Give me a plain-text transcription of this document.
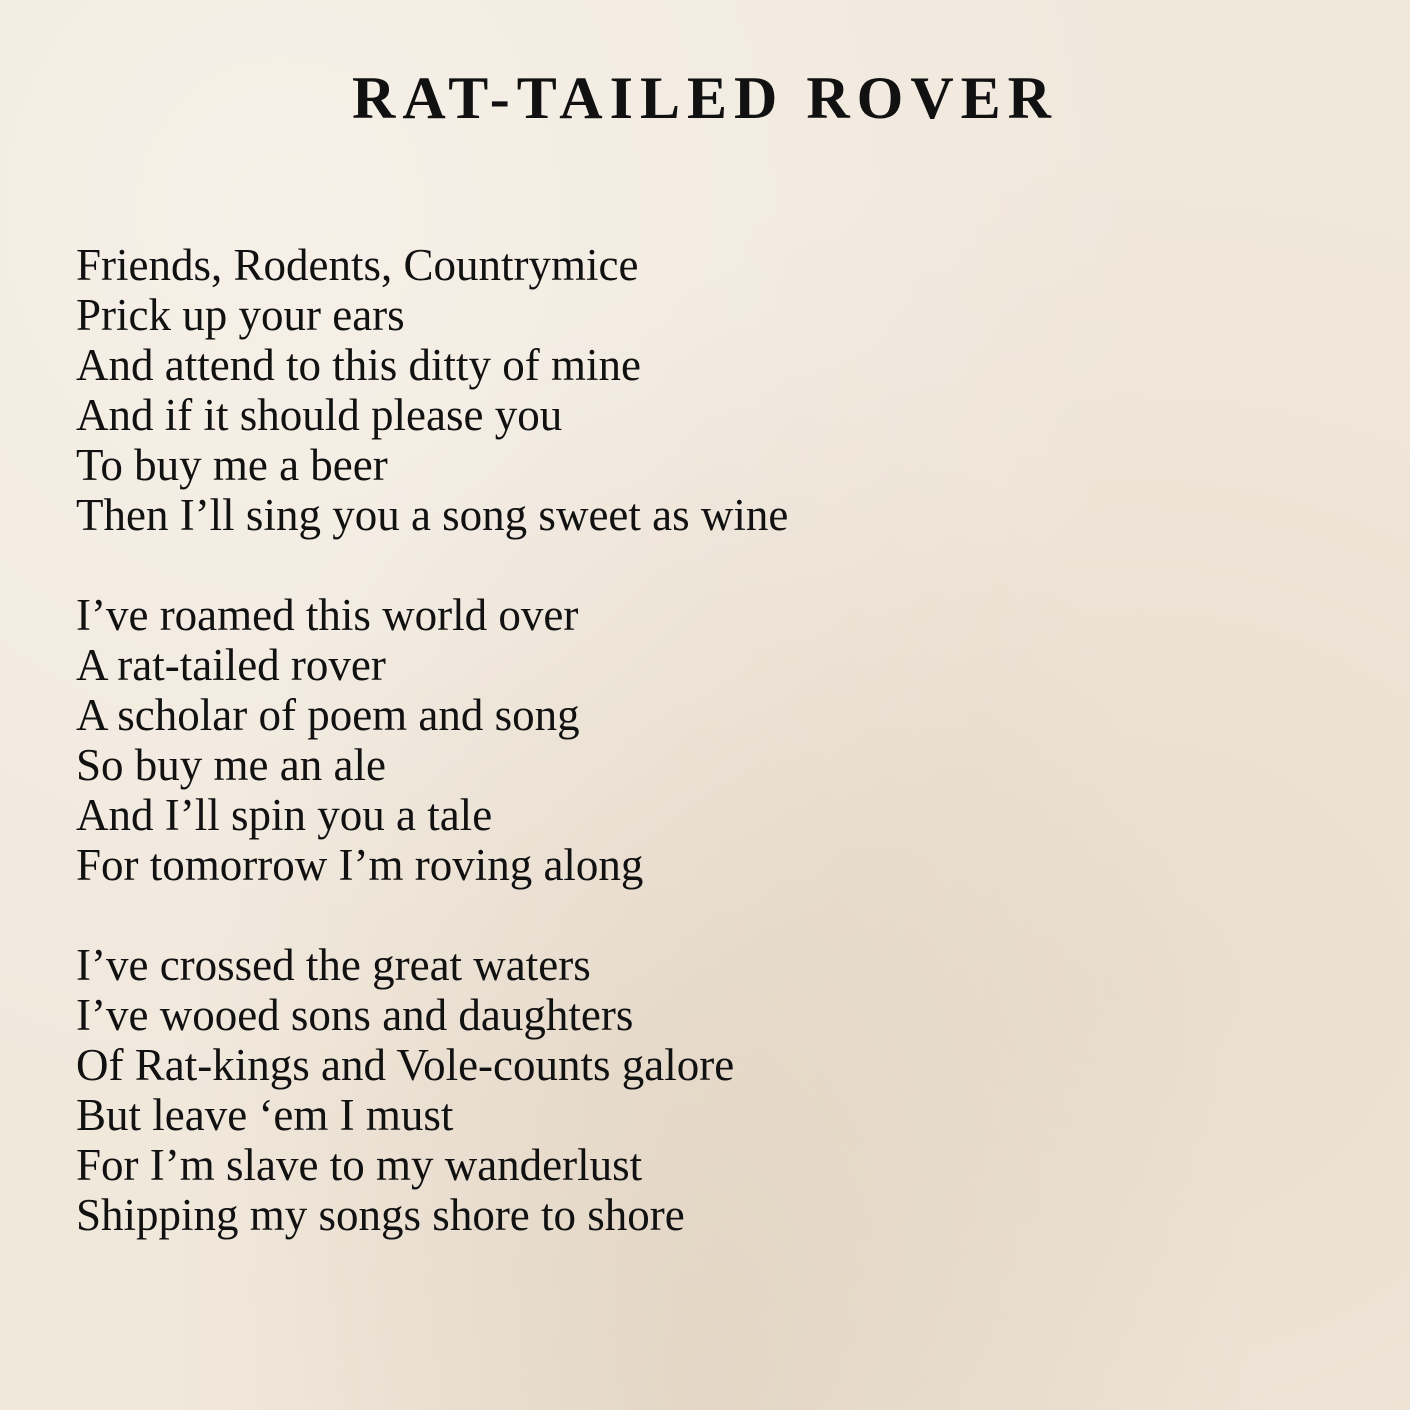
RAT-TAILED ROVER
Friends, Rodents, Countrymice
Prick up your ears
And attend to this ditty of mine
And if it should please you
To buy me a beer
Then I’ll sing you a song sweet as wine
I’ve roamed this world over
A rat-tailed rover
A scholar of poem and song
So buy me an ale
And I’ll spin you a tale
For tomorrow I’m roving along
I’ve crossed the great waters
I’ve wooed sons and daughters
Of Rat-kings and Vole-counts galore
But leave ‘em I must
For I’m slave to my wanderlust
Shipping my songs shore to shore
